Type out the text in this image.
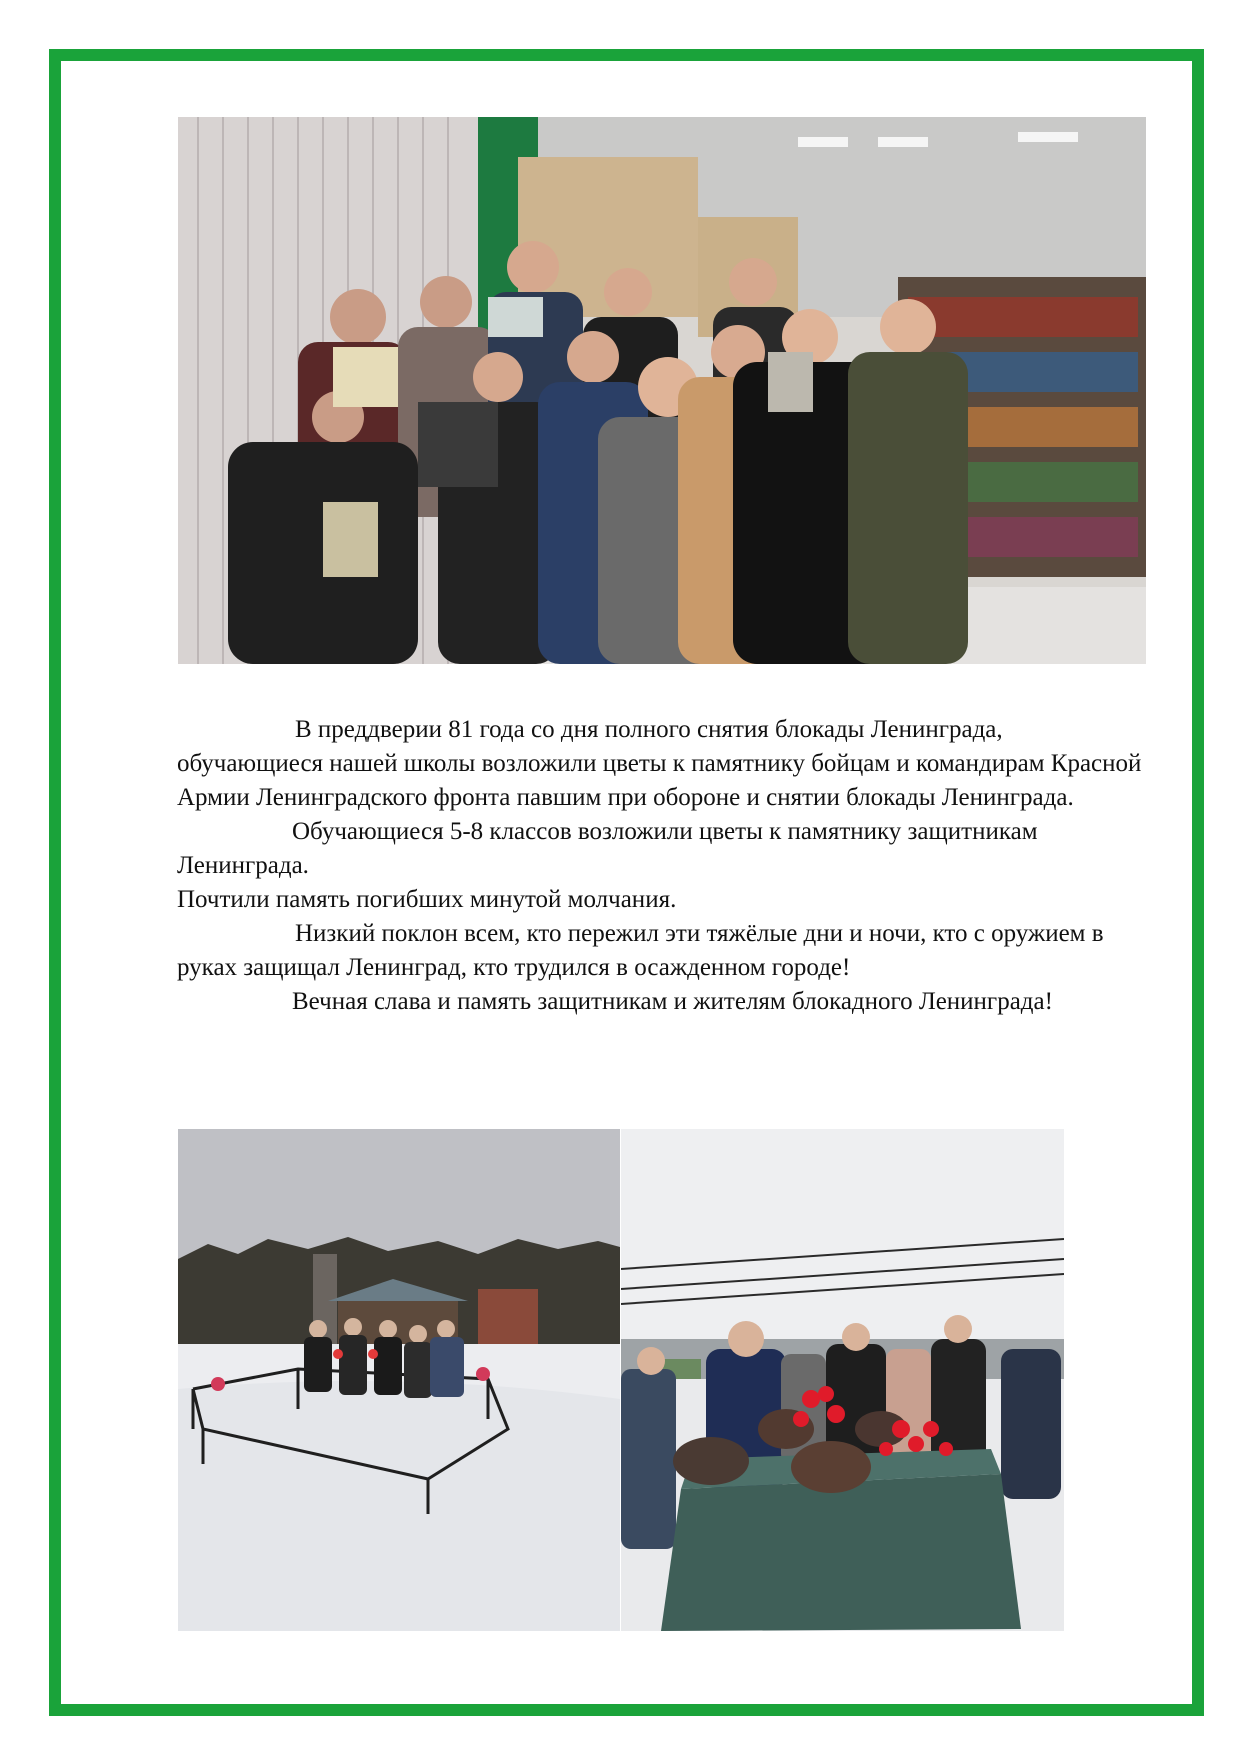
В преддверии 81 года со дня полного снятия блокады Ленинграда, обучающиеся нашей школы возложили цветы к памятнику бойцам и командирам Красной Армии Ленинградского фронта павшим при обороне и снятии блокады Ленинграда.

Обучающиеся 5-8 классов возложили цветы к памятнику защитникам Ленинграда.

Почтили память погибших минутой молчания.

Низкий поклон всем, кто пережил эти тяжёлые дни и ночи, кто с оружием в руках защищал Ленинград, кто трудился в осажденном городе!

Вечная слава и память защитникам и жителям блокадного Ленинграда!
